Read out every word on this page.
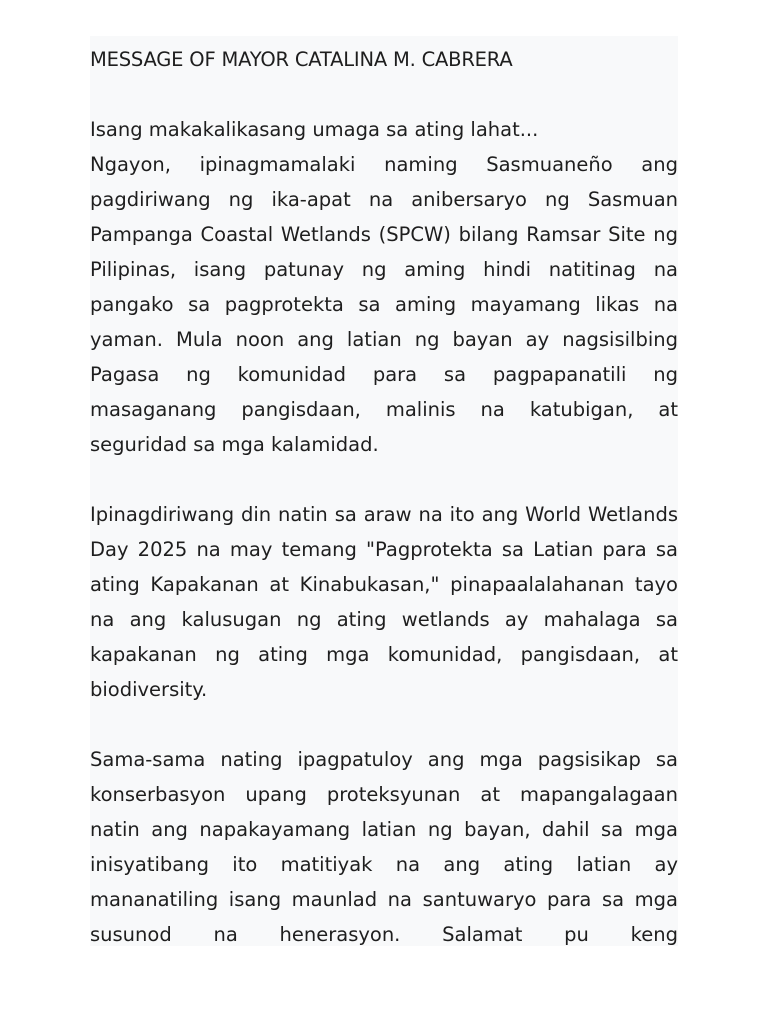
MESSAGE OF MAYOR CATALINA M. CABRERA

Isang makakalikasang umaga sa ating lahat...

Ngayon, ipinagmamalaki naming Sasmuaneño ang pagdiriwang ng ika-apat na anibersaryo ng Sasmuan Pampanga Coastal Wetlands (SPCW) bilang Ramsar Site ng Pilipinas, isang patunay ng aming hindi natitinag na pangako sa pagprotekta sa aming mayamang likas na yaman. Mula noon ang latian ng bayan ay nagsisilbing Pagasa ng komunidad para sa pagpapanatili ng masaganang pangisdaan, malinis na katubigan, at seguridad sa mga kalamidad.

Ipinagdiriwang din natin sa araw na ito ang World Wetlands Day 2025 na may temang "Pagprotekta sa Latian para sa ating Kapakanan at Kinabukasan," pinapaalalahanan tayo na ang kalusugan ng ating wetlands ay mahalaga sa kapakanan ng ating mga komunidad, pangisdaan, at biodiversity.

Sama-sama nating ipagpatuloy ang mga pagsisikap sa konserbasyon upang proteksyunan at mapangalagaan natin ang napakayamang latian ng bayan, dahil sa mga inisyatibang ito matitiyak na ang ating latian ay mananatiling isang maunlad na santuwaryo para sa mga susunod na henerasyon. Salamat pu keng
